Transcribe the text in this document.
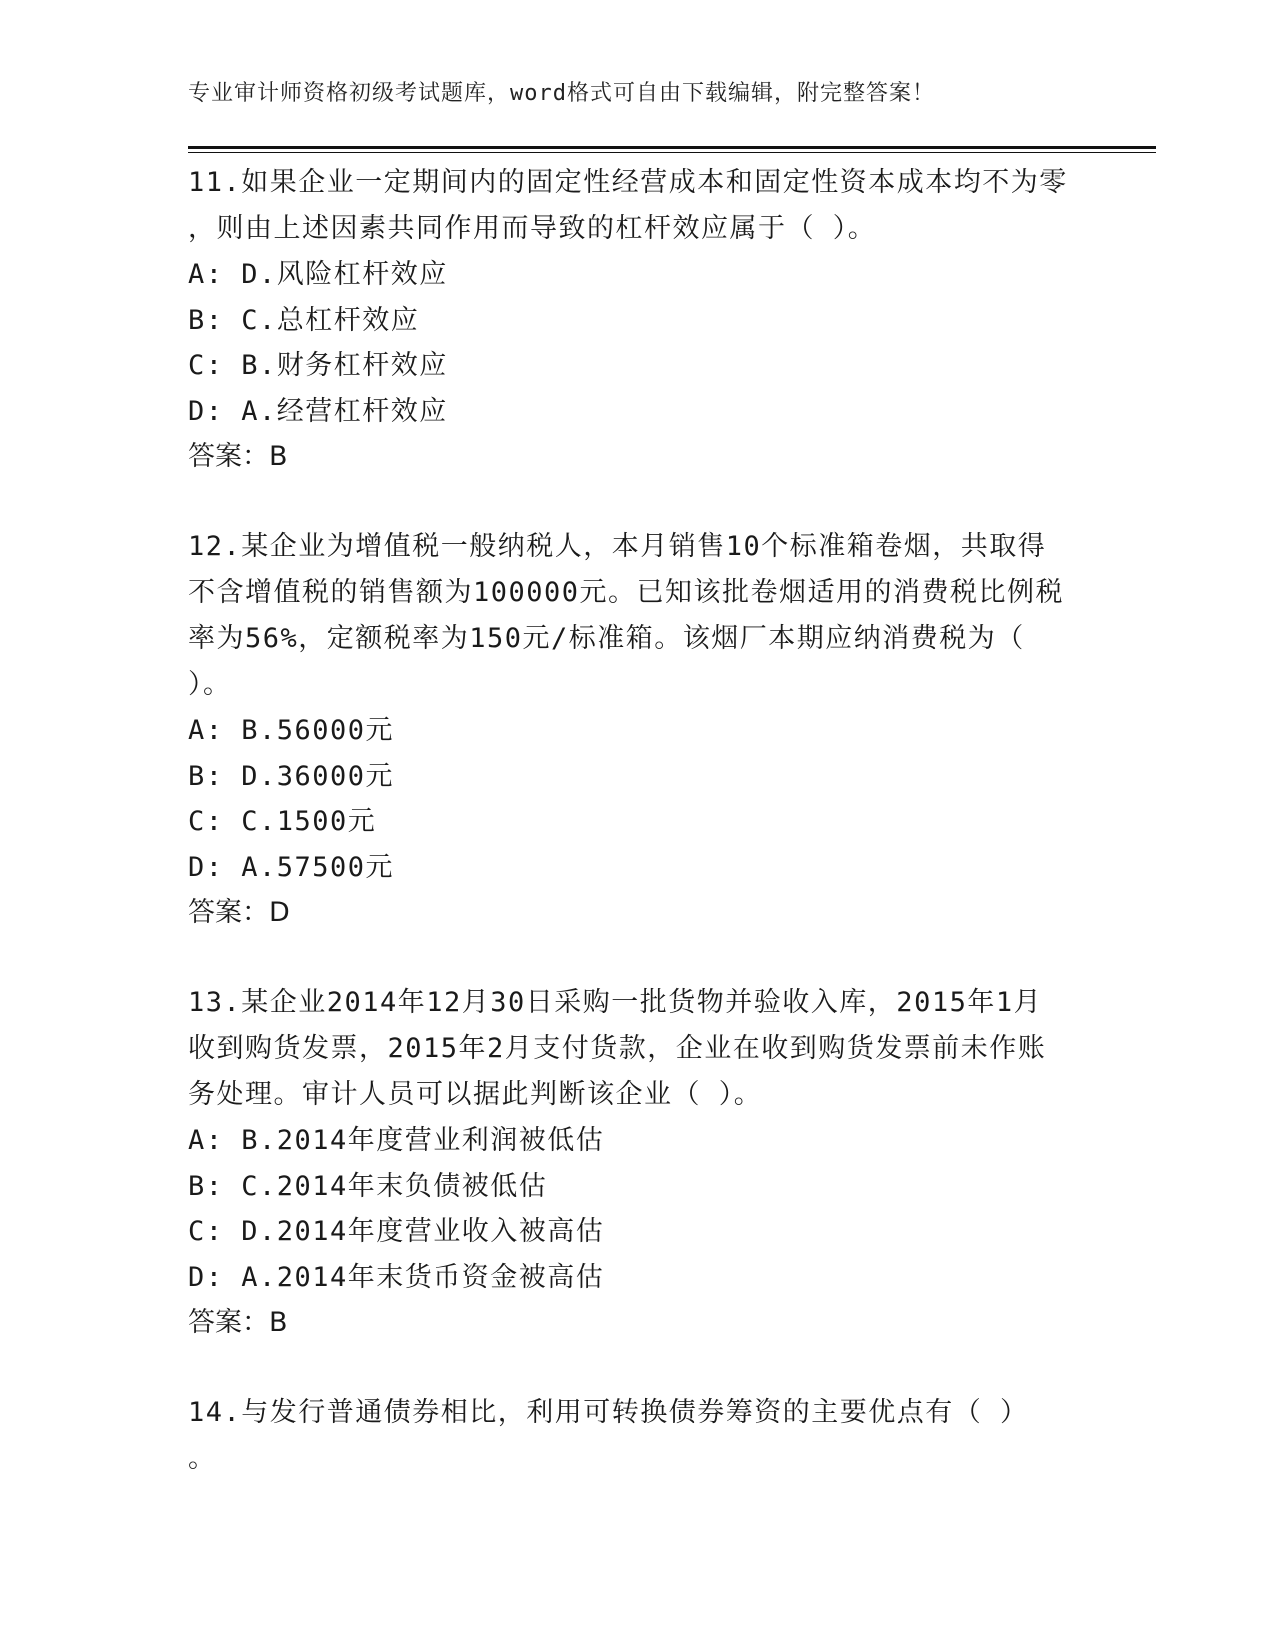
专业审计师资格初级考试题库，word格式可自由下载编辑，附完整答案！

11.如果企业一定期间内的固定性经营成本和固定性资本成本均不为零

，则由上述因素共同作用而导致的杠杆效应属于（ ）。

A: D.风险杠杆效应

B: C.总杠杆效应

C: B.财务杠杆效应

D: A.经营杠杆效应

答案：B

12.某企业为增值税一般纳税人，本月销售10个标准箱卷烟，共取得

不含增值税的销售额为100000元。已知该批卷烟适用的消费税比例税

率为56%，定额税率为150元/标准箱。该烟厂本期应纳消费税为（

）。

A: B.56000元

B: D.36000元

C: C.1500元

D: A.57500元

答案：D

13.某企业2014年12月30日采购一批货物并验收入库，2015年1月

收到购货发票，2015年2月支付货款，企业在收到购货发票前未作账

务处理。审计人员可以据此判断该企业（ ）。

A: B.2014年度营业利润被低估

B: C.2014年末负债被低估

C: D.2014年度营业收入被高估

D: A.2014年末货币资金被高估

答案：B

14.与发行普通债券相比，利用可转换债券筹资的主要优点有（ ）

。
